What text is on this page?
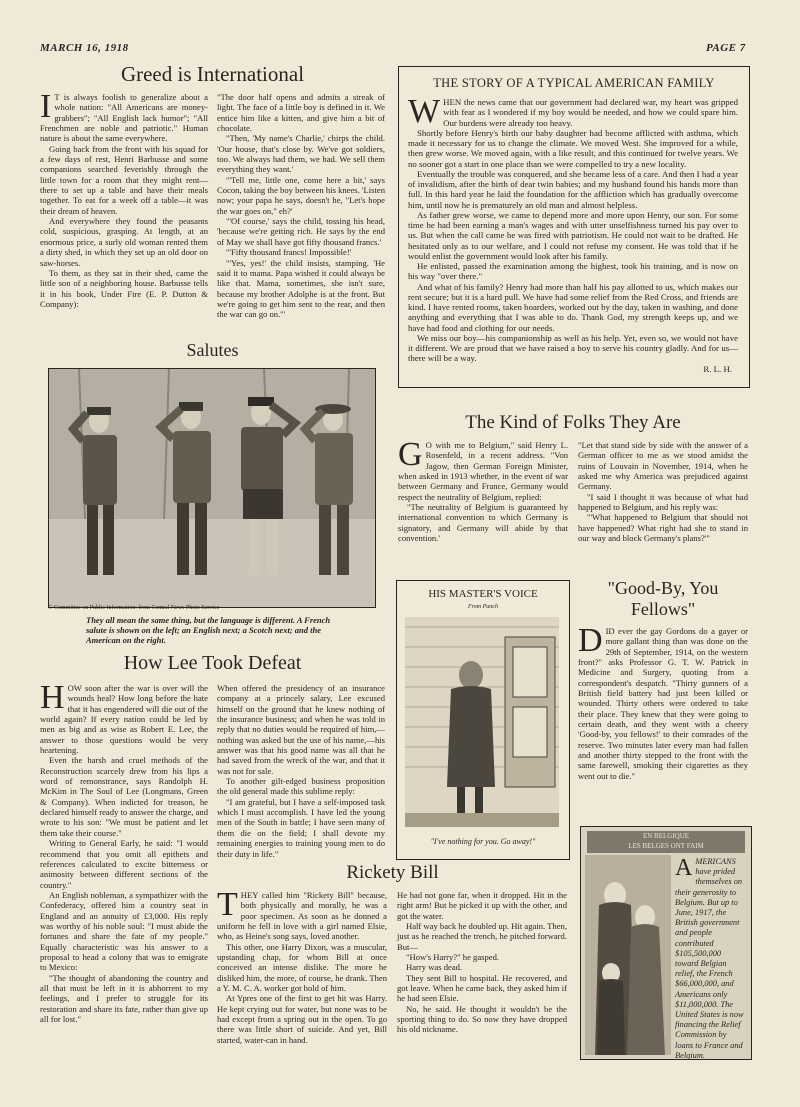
MARCH 16, 1918	PAGE 7
Greed is International
I T is always foolish to generalize about a whole nation: "All Americans are money-grabbers"; "All English lack humor"; "All Frenchmen are noble and patriotic." Human nature is about the same everywhere.

Going back from the front with his squad for a few days of rest, Henri Barbusse and some companions searched feverishly through the little town for a room that they might rent—there to set up a table and have their meals together. To eat for a week off a table—it was their dream of heaven.

And everywhere they found the peasants cold, suspicious, grasping. At length, at an enormous price, a surly old woman rented them a dirty shed, in which they set up an old door on saw-horses.

To them, as they sat in their shed, came the little son of a neighboring house. Barbusse tells it in his book, Under Fire (E. P. Dutton & Company):

"The door half opens and admits a streak of light. The face of a little boy is defined in it. We entice him like a kitten, and give him a bit of chocolate.

"Then, 'My name's Charlie,' chirps the child. 'Our house, that's close by. We've got soldiers, too. We always had them, we had. We sell them everything they want.'

"'Tell me, little one, come here a bit,' says Cocon, taking the boy between his knees. 'Listen now; your papa he says, doesn't he, "Let's hope the war goes on," eh?'

"'Of course,' says the child, tossing his head, 'because we're getting rich. He says by the end of May we shall have got fifty thousand francs.'

"'Fifty thousand francs! Impossible!'

"'Yes, yes!' the child insists, stamping. 'He said it to mama. Papa wished it could always be like that. Mama, sometimes, she isn't sure, because my brother Adolphe is at the front. But we're going to get him sent to the rear, and then the war can go on.'"

THE STORY OF A TYPICAL AMERICAN FAMILY
W HEN the news came that our government had declared war, my heart was gripped with fear as I wondered if my boy would be needed, and how we could spare him. Our burdens were already too heavy.

Shortly before Henry's birth our baby daughter had become afflicted with asthma, which made it necessary for us to change the climate. We moved West. She improved for a while, then grew worse. We moved again, with a like result, and this continued for twelve years. We no sooner got a start in one place than we were compelled to try a new locality.

Eventually the trouble was conquered, and she became less of a care. And then I had a year of invalidism, after the birth of dear twin babies; and my husband found his hands more than full. In this hard year he laid the foundation for the affliction which has gradually overcome him, until now he is prematurely an old man and almost helpless.

As father grew worse, we came to depend more and more upon Henry, our son. For some time he had been earning a man's wages and with utter unselfishness turned his pay over to us. But when the call came he was fired with patriotism. He could not wait to be drafted. He hesitated only as to our welfare, and I could not refuse my consent. He was told that if he would enlist the government would look after his family.

He enlisted, passed the examination among the highest, took his training, and is now on his way "over there."

And what of his family? Henry had more than half his pay allotted to us, which makes our rent secure; but it is a hard pull. We have had some relief from the Red Cross, and friends are kind. I have rented rooms, taken boarders, worked out by the day, taken in washing, and done anything and everything that I was able to do. Thank God, my strength keeps up, and we have had food and clothing for our needs.

We miss our boy—his companionship as well as his help. Yet, even so, we would not have it different. We are proud that we have raised a boy to serve his country gladly. And for us—there will be a way.

R. L. H.
Salutes
© Committee on Public Information: from Central News Photo Service
They all mean the same thing, but the language is different. A French salute is shown on the left; an English next; a Scotch next; and the American on the right.
The Kind of Folks They Are
G O with me to Belgium," said Henry L. Rosenfeld, in a recent address. "Von Jagow, then German Foreign Minister, when asked in 1913 whether, in the event of war between Germany and France, Germany would respect the neutrality of Belgium, replied:

"The neutrality of Belgium is guaranteed by international convention to which Germany is signatory, and Germany will abide by that convention.'

"Let that stand side by side with the answer of a German officer to me as we stood amidst the ruins of Louvain in November, 1914, when he asked me why America was prejudiced against Germany.

"I said I thought it was because of what had happened to Belgium, and his reply was:

"'What happened to Belgium that should not have happened? What right had she to stand in our way and block Germany's plans?'"

HIS MASTER'S VOICE
From Punch
"I've nothing for you. Go away!"
"Good-By, You Fellows"
D ID ever the gay Gordons do a gayer or more gallant thing than was done on the 29th of September, 1914, on the western front?" asks Professor G. T. W. Patrick in Medicine and Surgery, quoting from a correspondent's despatch. "Thirty gunners of a British field battery had just been killed or wounded. Thirty others were ordered to take their place. They knew that they were going to certain death, and they went with a cheery 'Good-by, you fellows!' to their comrades of the reserve. Two minutes later every man had fallen and another thirty stepped to the front with the same farewell, smoking their cigarettes as they went out to die."

How Lee Took Defeat
H OW soon after the war is over will the wounds heal? How long before the hate that it has engendered will die out of the world again? If every nation could be led by men as big and as wise as Robert E. Lee, the answer to those questions would be very heartening.

Even the harsh and cruel methods of the Reconstruction scarcely drew from his lips a word of remonstrance, says Randolph H. McKim in The Soul of Lee (Longmans, Green & Company). When indicted for treason, he declared himself ready to answer the charge, and wrote to his son: "We must be patient and let them take their course."

Writing to General Early, he said: "I would recommend that you omit all epithets and references calculated to excite bitterness or animosity between different sections of the country."

An English nobleman, a sympathizer with the Confederacy, offered him a country seat in England and an annuity of £3,000. His reply was worthy of his noble soul: "I must abide the fortunes and share the fate of my people." Equally characteristic was his answer to a proposal to head a colony that was to emigrate to Mexico:

"The thought of abandoning the country and all that must be left in it is abhorrent to my feelings, and I prefer to struggle for its restoration and share its fate, rather than give up all for lost."

When offered the presidency of an insurance company at a princely salary, Lee excused himself on the ground that he knew nothing of the insurance business; and when he was told in reply that no duties would be required of him,—nothing was asked but the use of his name,—his answer was that his good name was all that he had saved from the wreck of the war, and that it was not for sale.

To another gilt-edged business proposition the old general made this sublime reply:

"I am grateful, but I have a self-imposed task which I must accomplish. I have led the young men of the South in battle; I have seen many of them die on the field; I shall devote my remaining energies to training young men to do their duty in life."

Rickety Bill
T HEY called him "Rickety Bill" because, both physically and morally, he was a poor specimen. As soon as he donned a uniform he fell in love with a girl named Elsie, who, as Heine's song says, loved another.

This other, one Harry Dixon, was a muscular, upstanding chap, for whom Bill at once conceived an intense dislike. The more he disliked him, the more, of course, he drank. Then a Y. M. C. A. worker got hold of him.

At Ypres one of the first to get hit was Harry. He kept crying out for water, but none was to be had except from a spring out in the open. To go there was little short of suicide. And yet, Bill started, water-can in hand.

He had not gone far, when it dropped. Hit in the right arm! But he picked it up with the other, and got the water.

Half way back he doubled up. Hit again. Then, just as he reached the trench, he pitched forward. But—

"How's Harry?" he gasped.

Harry was dead.

They sent Bill to hospital. He recovered, and got leave. When he came back, they asked him if he had seen Elsie.

No, he said. He thought it wouldn't be the sporting thing to do. So now they have dropped his old nickname.

EN BELGIQUE
LES BELGES ONT FAIM
A MERICANS have prided themselves on their generosity to Belgium. But up to June, 1917, the British government and people contributed $105,500,000 toward Belgian relief, the French $66,000,000, and Americans only $11,000,000. The United States is now financing the Relief Commission by loans to France and Belgium.
